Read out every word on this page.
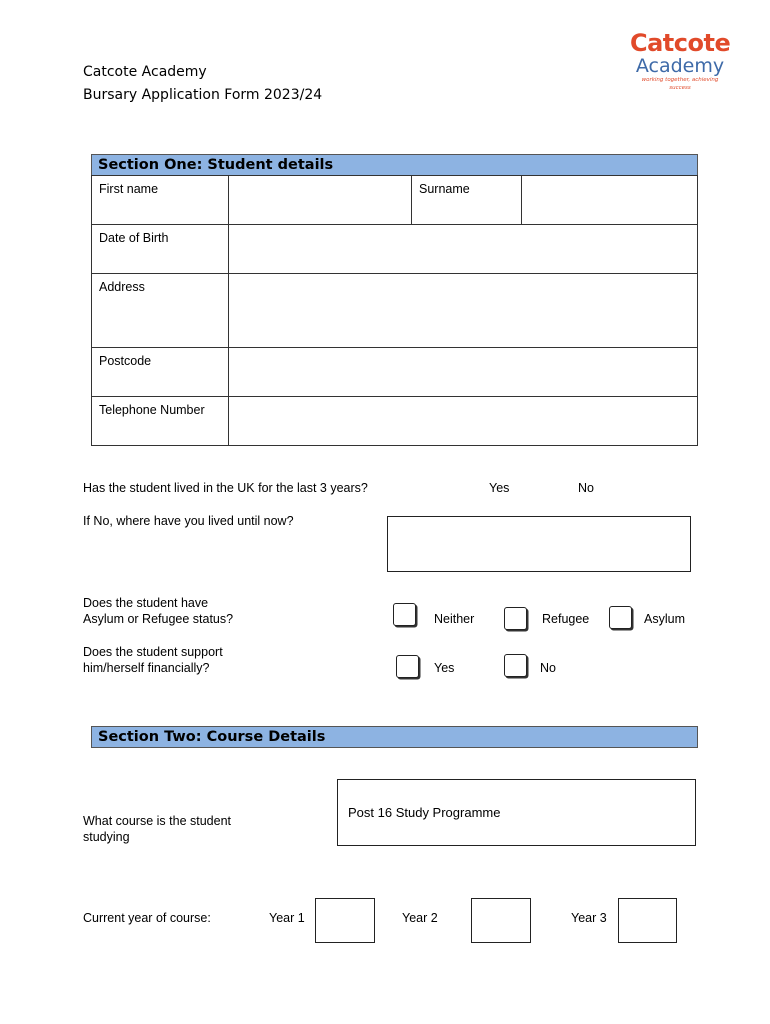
Catcote
Academy
working together, achieving success
Catcote Academy
Bursary Application Form 2023/24
Section One: Student details
First name		Surname	
Date of Birth			
Address			
Postcode			
Telephone Number			
Has the student lived in the UK for the last 3 years?	Yes	No
If No, where have you lived until now?
Does the student have
Asylum or Refugee status?	Neither	Refugee	Asylum
Does the student support
him/herself financially?	Yes	No
Section Two: Course Details
What course is the student
studying
Post 16 Study Programme
Current year of course:	Year 1	Year 2	Year 3
